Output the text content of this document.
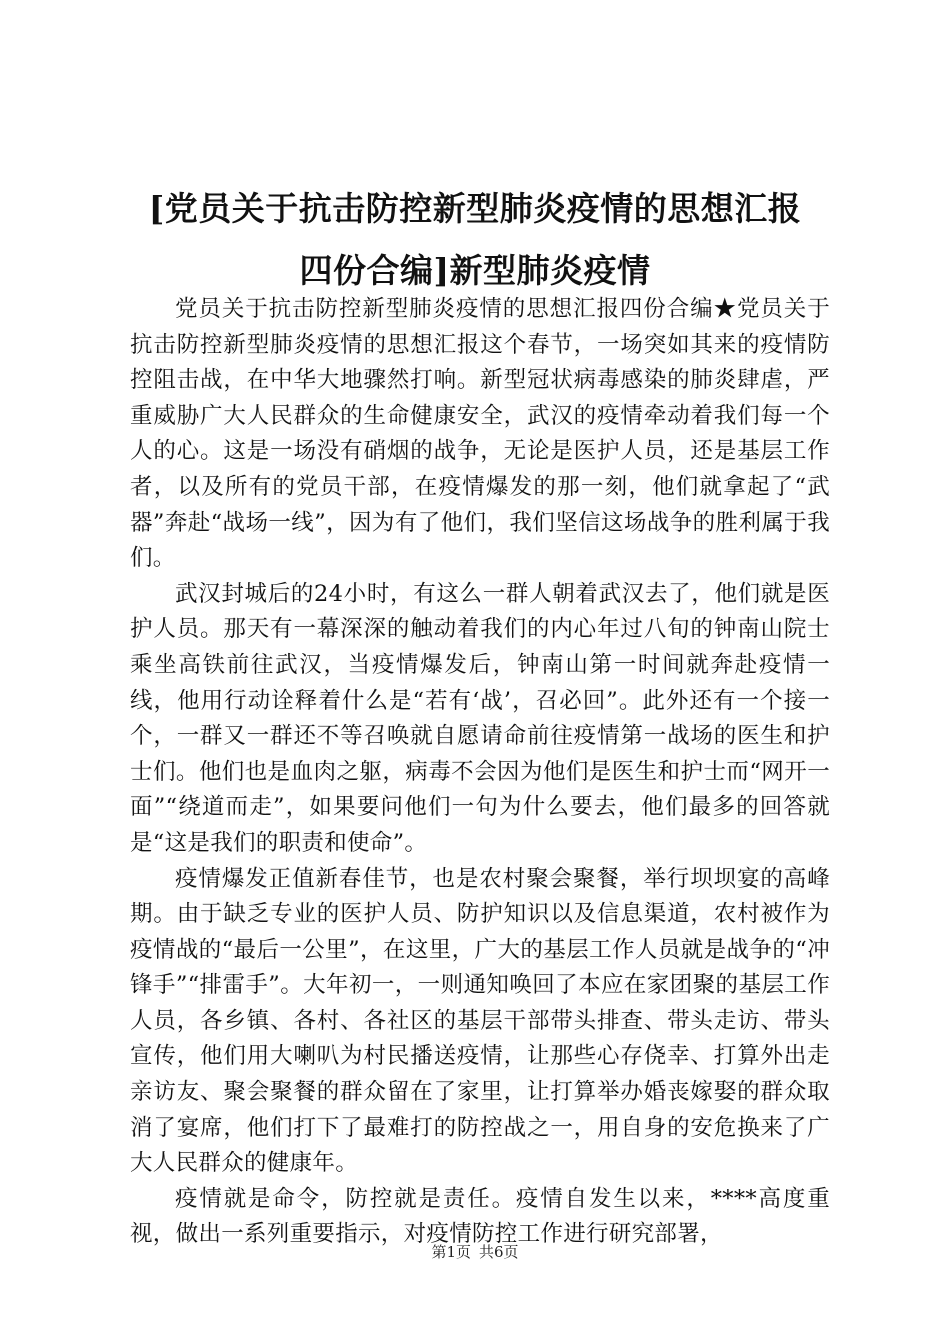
[党员关于抗击防控新型肺炎疫情的思想汇报
四份合编]新型肺炎疫情

党员关于抗击防控新型肺炎疫情的思想汇报四份合编★党员关于抗击防控新型肺炎疫情的思想汇报这个春节，一场突如其来的疫情防控阻击战，在中华大地骤然打响。新型冠状病毒感染的肺炎肆虐，严重威胁广大人民群众的生命健康安全，武汉的疫情牵动着我们每一个人的心。这是一场没有硝烟的战争，无论是医护人员，还是基层工作者，以及所有的党员干部，在疫情爆发的那一刻，他们就拿起了“武器”奔赴“战场一线”，因为有了他们，我们坚信这场战争的胜利属于我们。

武汉封城后的24小时，有这么一群人朝着武汉去了，他们就是医护人员。那天有一幕深深的触动着我们的内心年过八旬的钟南山院士乘坐高铁前往武汉，当疫情爆发后，钟南山第一时间就奔赴疫情一线，他用行动诠释着什么是“若有‘战’，召必回”。此外还有一个接一个，一群又一群还不等召唤就自愿请命前往疫情第一战场的医生和护士们。他们也是血肉之躯，病毒不会因为他们是医生和护士而“网开一面”“绕道而走”，如果要问他们一句为什么要去，他们最多的回答就是“这是我们的职责和使命”。

疫情爆发正值新春佳节，也是农村聚会聚餐，举行坝坝宴的高峰期。由于缺乏专业的医护人员、防护知识以及信息渠道，农村被作为疫情战的“最后一公里”，在这里，广大的基层工作人员就是战争的“冲锋手”“排雷手”。大年初一，一则通知唤回了本应在家团聚的基层工作人员，各乡镇、各村、各社区的基层干部带头排查、带头走访、带头宣传，他们用大喇叭为村民播送疫情，让那些心存侥幸、打算外出走亲访友、聚会聚餐的群众留在了家里，让打算举办婚丧嫁娶的群众取消了宴席，他们打下了最难打的防控战之一，用自身的安危换来了广大人民群众的健康年。

疫情就是命令，防控就是责任。疫情自发生以来，****高度重视，做出一系列重要指示，对疫情防控工作进行研究部署，

第1页 共6页
